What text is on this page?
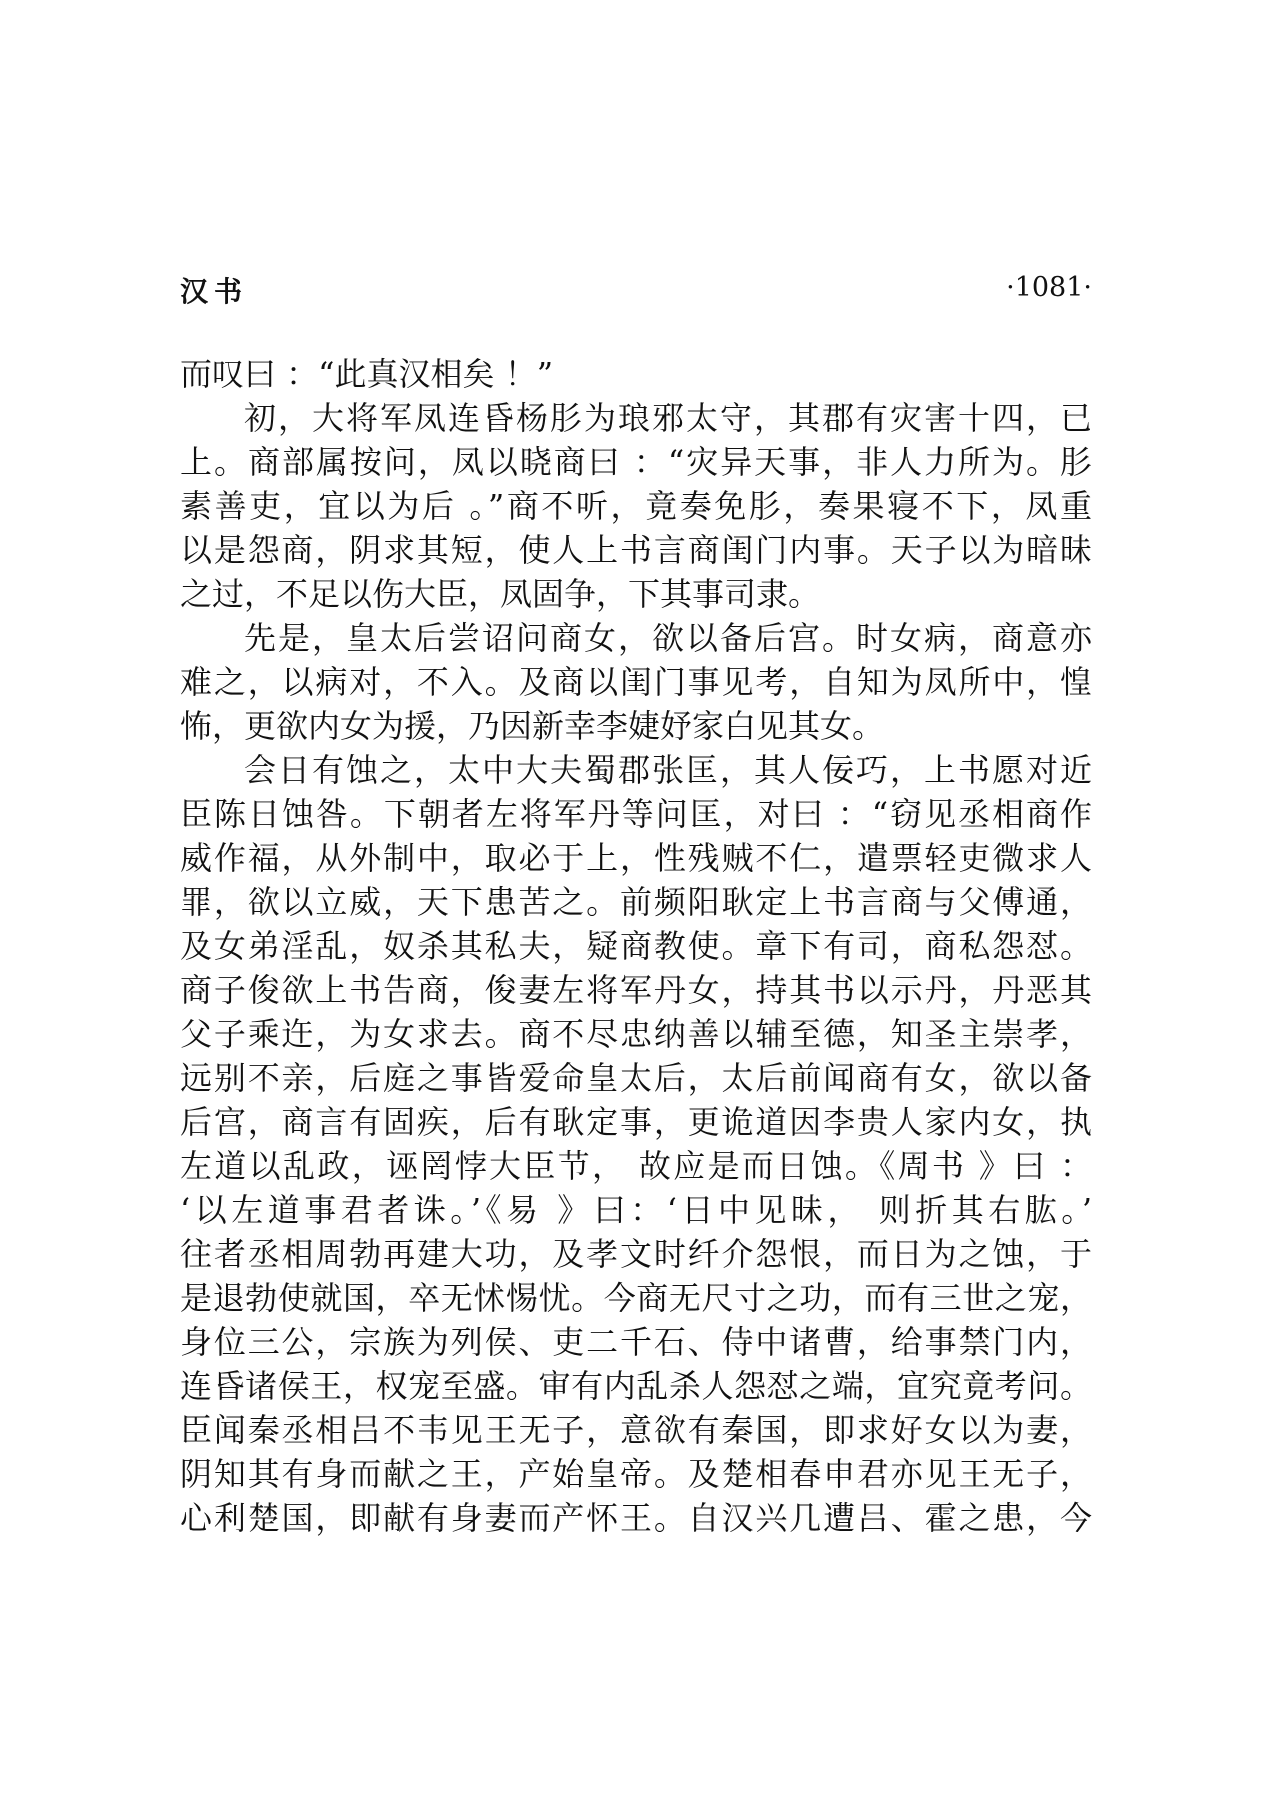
汉书	·1081·
而叹曰 ：“此真汉相矣 ！”
初，大将军凤连昏杨肜为琅邪太守，其郡有灾害十四，已
上。商部属按问，凤以晓商曰 ：“灾异天事，非人力所为。肜
素善吏，宜以为后 。”商不听，竟奏免肜，奏果寝不下，凤重
以是怨商，阴求其短，使人上书言商闺门内事。天子以为暗昧
之过，不足以伤大臣，凤固争，下其事司隶。
先是，皇太后尝诏问商女，欲以备后宫。时女病，商意亦
难之，以病对，不入。及商以闺门事见考，自知为凤所中，惶
怖，更欲内女为援，乃因新幸李婕妤家白见其女。
会日有蚀之，太中大夫蜀郡张匡，其人佞巧，上书愿对近
臣陈日蚀咎。下朝者左将军丹等问匡，对曰 ：“窃见丞相商作
威作福，从外制中，取必于上，性残贼不仁，遣票轻吏微求人
罪，欲以立威，天下患苦之。前频阳耿定上书言商与父傅通，
及女弟淫乱，奴杀其私夫，疑商教使。章下有司，商私怨怼。
商子俊欲上书告商，俊妻左将军丹女，持其书以示丹，丹恶其
父子乘迕，为女求去。商不尽忠纳善以辅至德，知圣主崇孝，
远别不亲，后庭之事皆爱命皇太后，太后前闻商有女，欲以备
后宫，商言有固疾，后有耿定事，更诡道因李贵人家内女，执
左道以乱政，诬罔悖大臣节， 故应是而日蚀。《周书 》曰 ：
‘以左道事君者诛。’《易 》曰：‘日中见昧， 则折其右肱。’
往者丞相周勃再建大功，及孝文时纤介怨恨，而日为之蚀，于
是退勃使就国，卒无怵惕忧。今商无尺寸之功，而有三世之宠，
身位三公，宗族为列侯、吏二千石、侍中诸曹，给事禁门内，
连昏诸侯王，权宠至盛。审有内乱杀人怨怼之端，宜究竟考问。
臣闻秦丞相吕不韦见王无子，意欲有秦国，即求好女以为妻，
阴知其有身而献之王，产始皇帝。及楚相春申君亦见王无子，
心利楚国，即献有身妻而产怀王。自汉兴几遭吕、霍之患，今
